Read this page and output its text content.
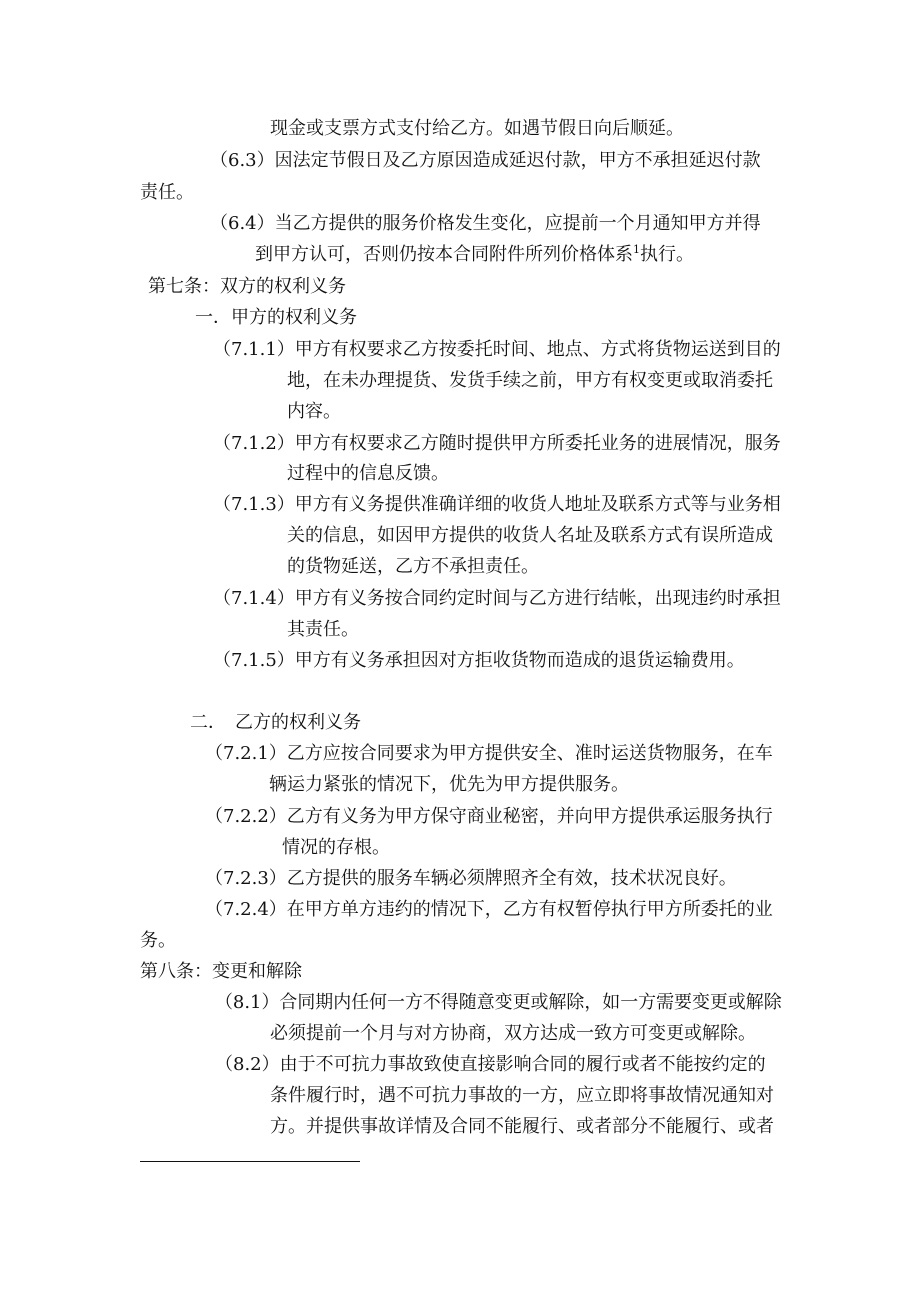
现金或支票方式支付给乙方。如遇节假日向后顺延。
（6.3）因法定节假日及乙方原因造成延迟付款，甲方不承担延迟付款
责任。
（6.4）当乙方提供的服务价格发生变化，应提前一个月通知甲方并得
到甲方认可，否则仍按本合同附件所列价格体系$^1$执行。
第七条：双方的权利义务
一．甲方的权利义务
（7.1.1）甲方有权要求乙方按委托时间、地点、方式将货物运送到目的
地，在未办理提货、发货手续之前，甲方有权变更或取消委托
内容。
（7.1.2）甲方有权要求乙方随时提供甲方所委托业务的进展情况，服务
过程中的信息反馈。
（7.1.3）甲方有义务提供准确详细的收货人地址及联系方式等与业务相
关的信息，如因甲方提供的收货人名址及联系方式有误所造成
的货物延送，乙方不承担责任。
（7.1.4）甲方有义务按合同约定时间与乙方进行结帐，出现违约时承担
其责任。
（7.1.5）甲方有义务承担因对方拒收货物而造成的退货运输费用。
二．　乙方的权利义务
（7.2.1）乙方应按合同要求为甲方提供安全、准时运送货物服务，在车
辆运力紧张的情况下，优先为甲方提供服务。
（7.2.2）乙方有义务为甲方保守商业秘密，并向甲方提供承运服务执行
情况的存根。
（7.2.3）乙方提供的服务车辆必须牌照齐全有效，技术状况良好。
（7.2.4）在甲方单方违约的情况下，乙方有权暂停执行甲方所委托的业
务。
第八条：变更和解除
（8.1）合同期内任何一方不得随意变更或解除，如一方需要变更或解除
必须提前一个月与对方协商，双方达成一致方可变更或解除。
（8.2）由于不可抗力事故致使直接影响合同的履行或者不能按约定的
条件履行时，遇不可抗力事故的一方，应立即将事故情况通知对
方。并提供事故详情及合同不能履行、或者部分不能履行、或者
